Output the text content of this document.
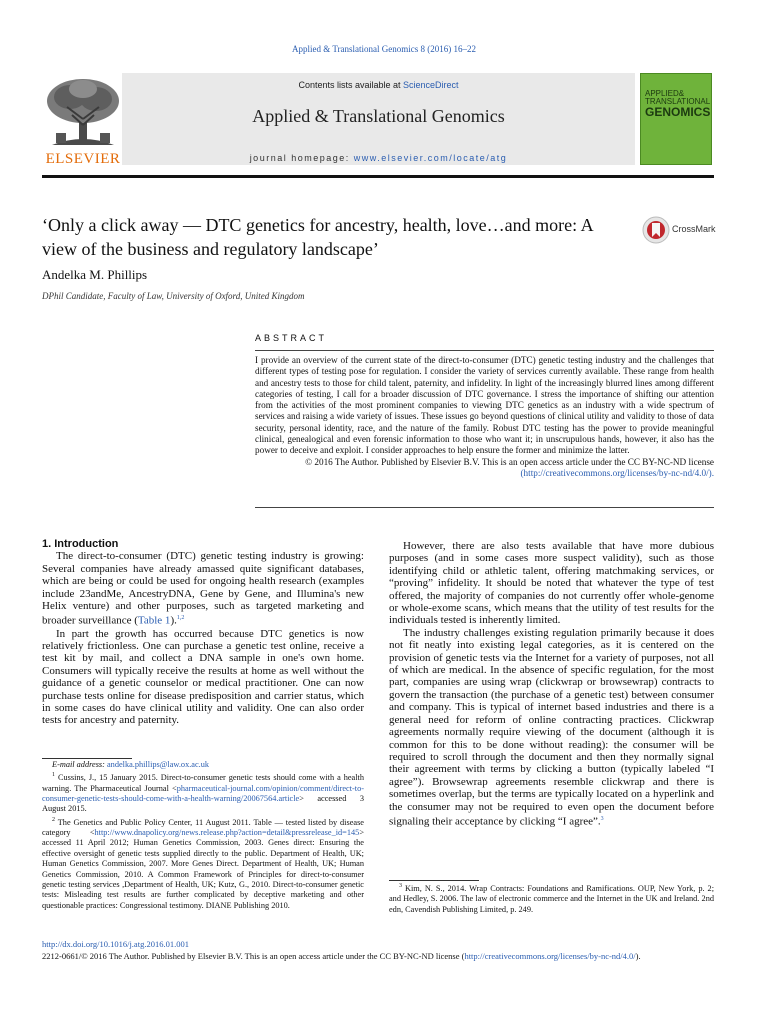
Applied & Translational Genomics 8 (2016) 16–22
ELSEVIER
Contents lists available at ScienceDirect
Applied & Translational Genomics
journal homepage: www.elsevier.com/locate/atg
APPLIED&
TRANSLATIONAL
GENOMICS
‘Only a click away — DTC genetics for ancestry, health, love…and more: A view of the business and regulatory landscape’
CrossMark
Andelka M. Phillips
DPhil Candidate, Faculty of Law, University of Oxford, United Kingdom
ABSTRACT
I provide an overview of the current state of the direct-to-consumer (DTC) genetic testing industry and the challenges that different types of testing pose for regulation. I consider the variety of services currently available. These range from health and ancestry tests to those for child talent, paternity, and infidelity. In light of the increasingly blurred lines among different categories of testing, I call for a broader discussion of DTC governance. I stress the importance of shifting our attention from the activities of the most prominent companies to viewing DTC genetics as an industry with a wide spectrum of services and raising a wide variety of issues. These issues go beyond questions of clinical utility and validity to those of data security, personal identity, race, and the nature of the family. Robust DTC testing has the power to provide meaningful clinical, genealogical and even forensic information to those who want it; in unscrupulous hands, however, it also has the power to deceive and exploit. I consider approaches to help ensure the former and minimize the latter.
© 2016 The Author. Published by Elsevier B.V. This is an open access article under the CC BY-NC-ND license
(http://creativecommons.org/licenses/by-nc-nd/4.0/).

1. Introduction

The direct-to-consumer (DTC) genetic testing industry is growing: Several companies have already amassed quite significant databases, which are being or could be used for ongoing health research (examples include 23andMe, AncestryDNA, Gene by Gene, and Illumina's new Helix venture) and other purposes, such as targeted marketing and broader surveillance (Table 1).$^{1,2}$

In part the growth has occurred because DTC genetics is now relatively frictionless. One can purchase a genetic test online, receive a test kit by mail, and collect a DNA sample in one's own home. Consumers will typically receive the results at home as well without the guidance of a genetic counselor or medical practitioner. One can now purchase tests online for disease predisposition and carrier status, which in some cases do have clinical utility and validity. One can also order tests for ancestry and paternity.

E-mail address: andelka.phillips@law.ox.ac.uk
$^1$ Cussins, J., 15 January 2015. Direct-to-consumer genetic tests should come with a health warning. The Pharmaceutical Journal <pharmaceutical-journal.com/opinion/comment/direct-to-consumer-genetic-tests-should-come-with-a-health-warning/20067564.article> accessed 3 August 2015.
$^2$ The Genetics and Public Policy Center, 11 August 2011. Table — tested listed by disease category <http://www.dnapolicy.org/news.release.php?action=detail&pressrelease_id=145> accessed 11 April 2012; Human Genetics Commission, 2003. Genes direct: Ensuring the effective oversight of genetic tests supplied directly to the public. Department of Health, UK; Human Genetics Commission, 2007. More Genes Direct. Department of Health, UK; Human Genetics Commission, 2010. A Common Framework of Principles for direct-to-consumer genetic testing services ,Department of Health, UK; Kutz, G., 2010. Direct-to-consumer genetic tests: Misleading test results are further complicated by deceptive marketing and other questionable practices: Congressional testimony. DIANE Publishing 2010.

However, there are also tests available that have more dubious purposes (and in some cases more suspect validity), such as those identifying child or athletic talent, offering matchmaking services, or “proving” infidelity. It should be noted that whatever the type of test offered, the majority of companies do not currently offer whole-genome or whole-exome scans, which means that the utility of test results for the individuals tested is inherently limited.

The industry challenges existing regulation primarily because it does not fit neatly into existing legal categories, as it is centered on the provision of genetic tests via the Internet for a variety of purposes, not all of which are medical. In the absence of specific regulation, for the most part, companies are using wrap (clickwrap or browsewrap) contracts to govern the transaction (the purchase of a genetic test) between consumer and company. This is typical of internet based industries and there is a general need for reform of online contracting practices. Clickwrap agreements normally require viewing of the document (although it is common for this to be done without reading): the consumer will be required to scroll through the document and then they normally signal their agreement with terms by clicking a button (typically labeled “I agree”). Browsewrap agreements resemble clickwrap and there is sometimes overlap, but the terms are typically located on a hyperlink and the consumer may not be required to even open the document before signaling their acceptance by clicking “I agree”.$^3$

$^3$ Kim, N. S., 2014. Wrap Contracts: Foundations and Ramifications. OUP, New York, p. 2; and Hedley, S. 2006. The law of electronic commerce and the Internet in the UK and Ireland. 2nd edn, Cavendish Publishing Limited, p. 249.
http://dx.doi.org/10.1016/j.atg.2016.01.001
2212-0661/© 2016 The Author. Published by Elsevier B.V. This is an open access article under the CC BY-NC-ND license (http://creativecommons.org/licenses/by-nc-nd/4.0/).
